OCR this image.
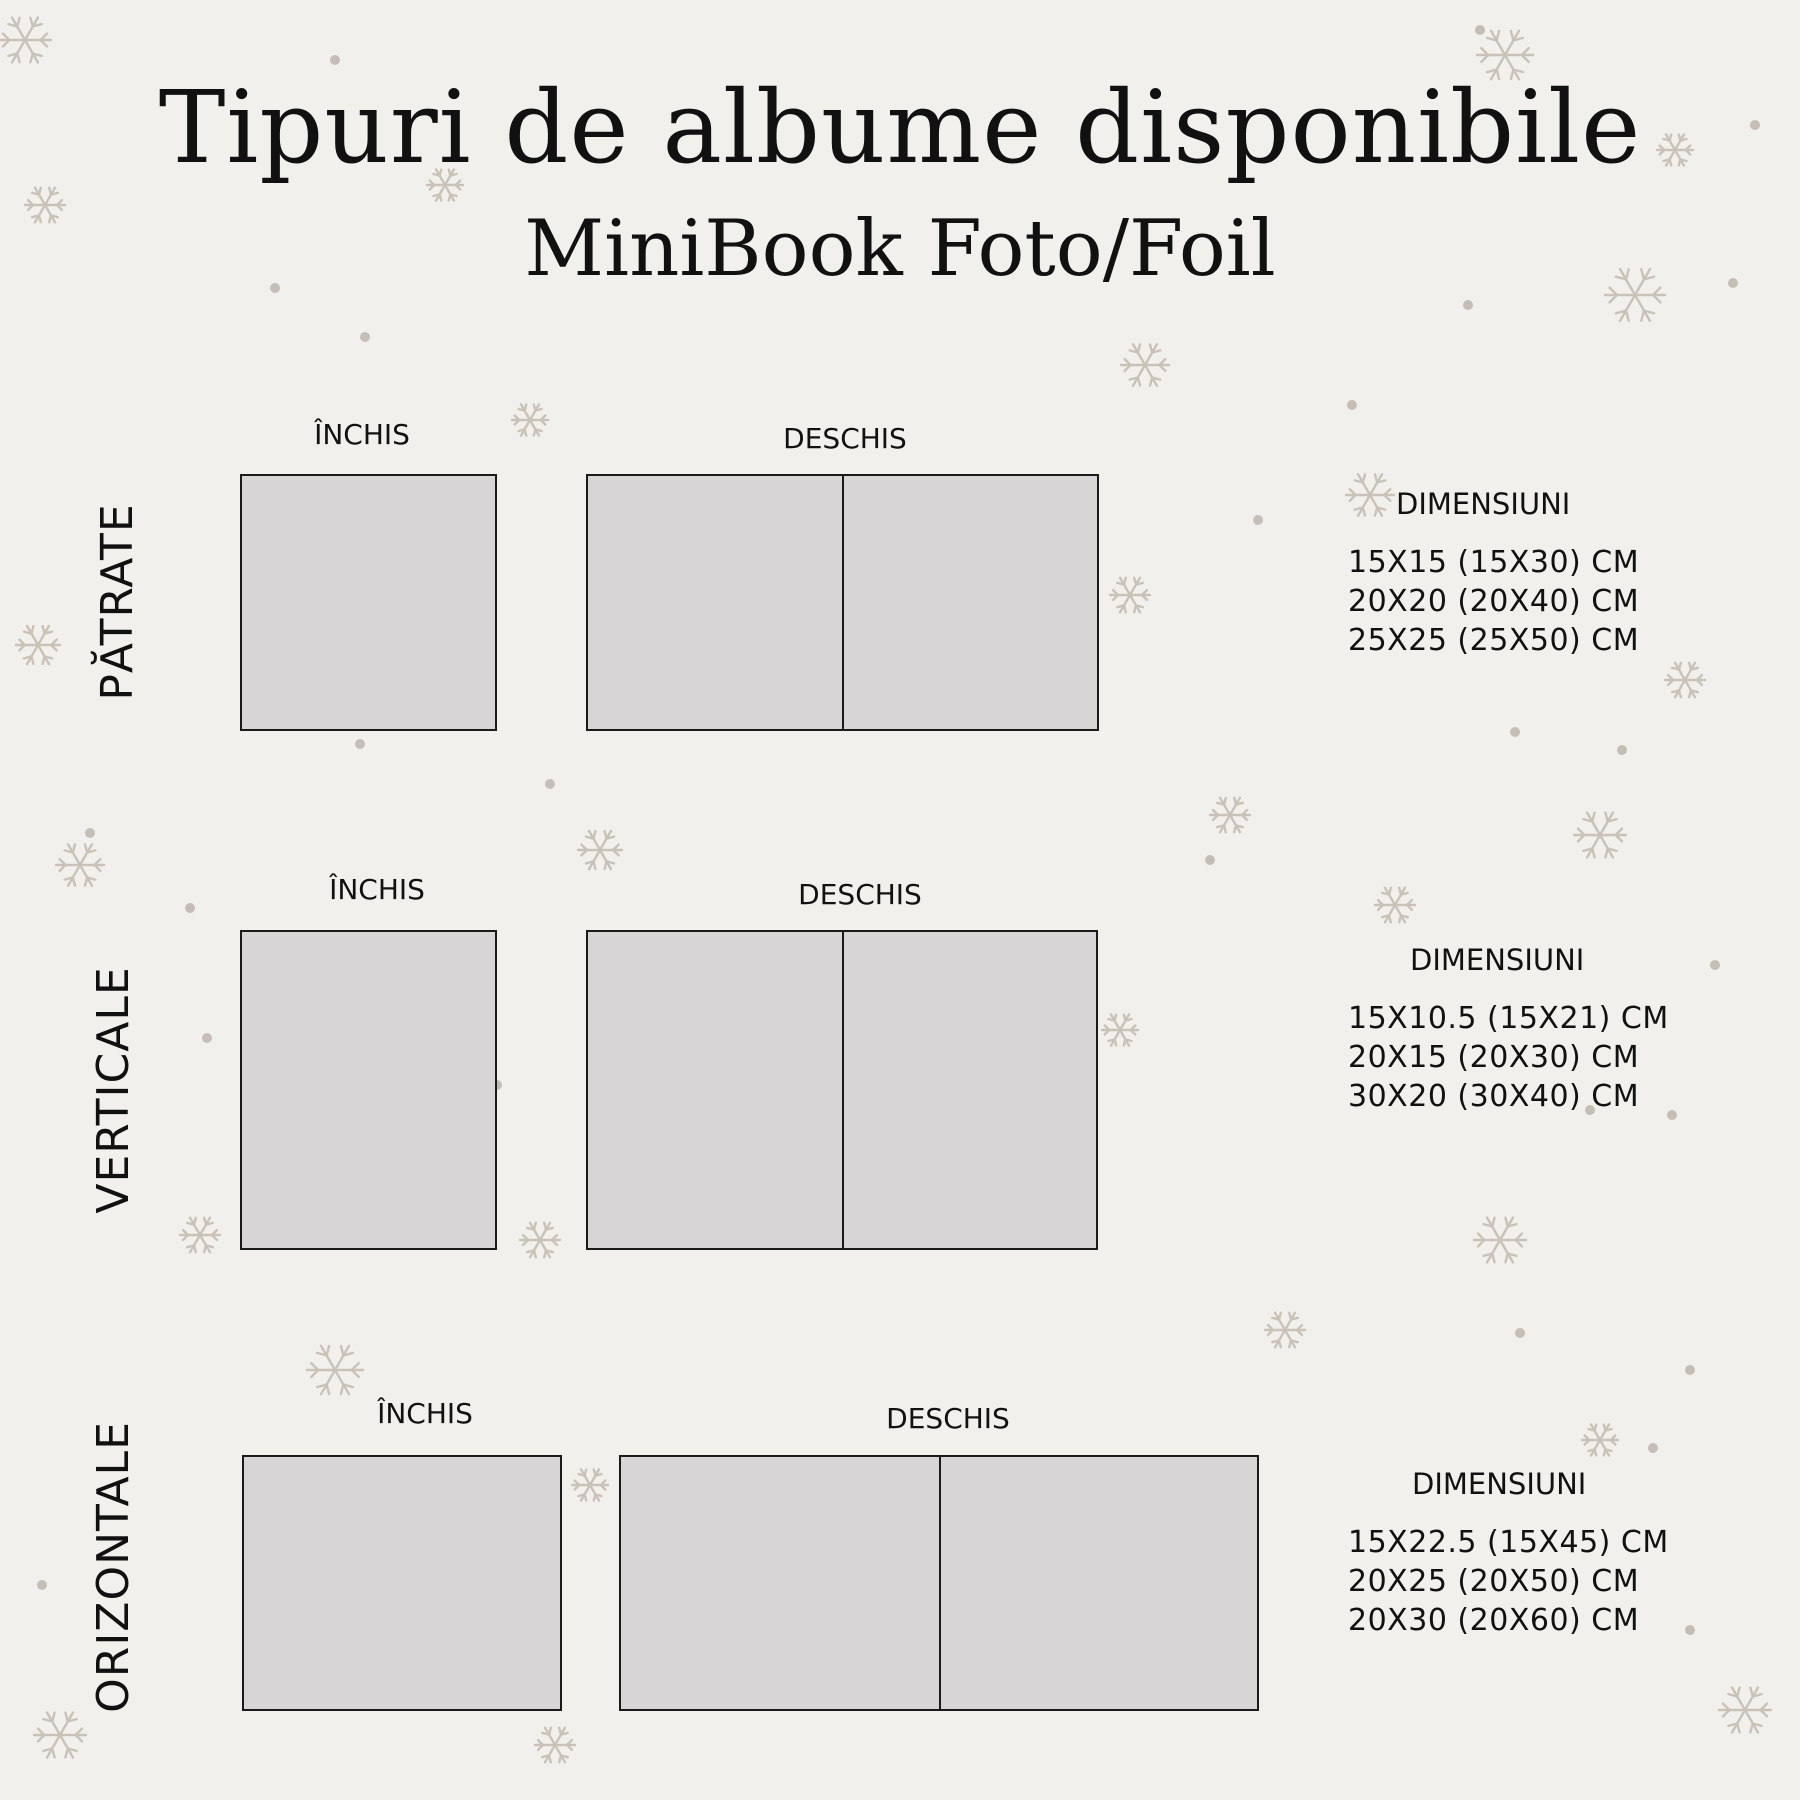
Tipuri de albume disponibile
MiniBook Foto/Foil
PĂTRATE
ÎNCHIS	DESCHIS
DIMENSIUNI
15X15 (15X30) CM
20X20 (20X40) CM
25X25 (25X50) CM
VERTICALE
ÎNCHIS	DESCHIS
DIMENSIUNI
15X10.5 (15X21) CM
20X15 (20X30) CM
30X20 (30X40) CM
ORIZONTALE
ÎNCHIS	DESCHIS
DIMENSIUNI
15X22.5 (15X45) CM
20X25 (20X50) CM
20X30 (20X60) CM
